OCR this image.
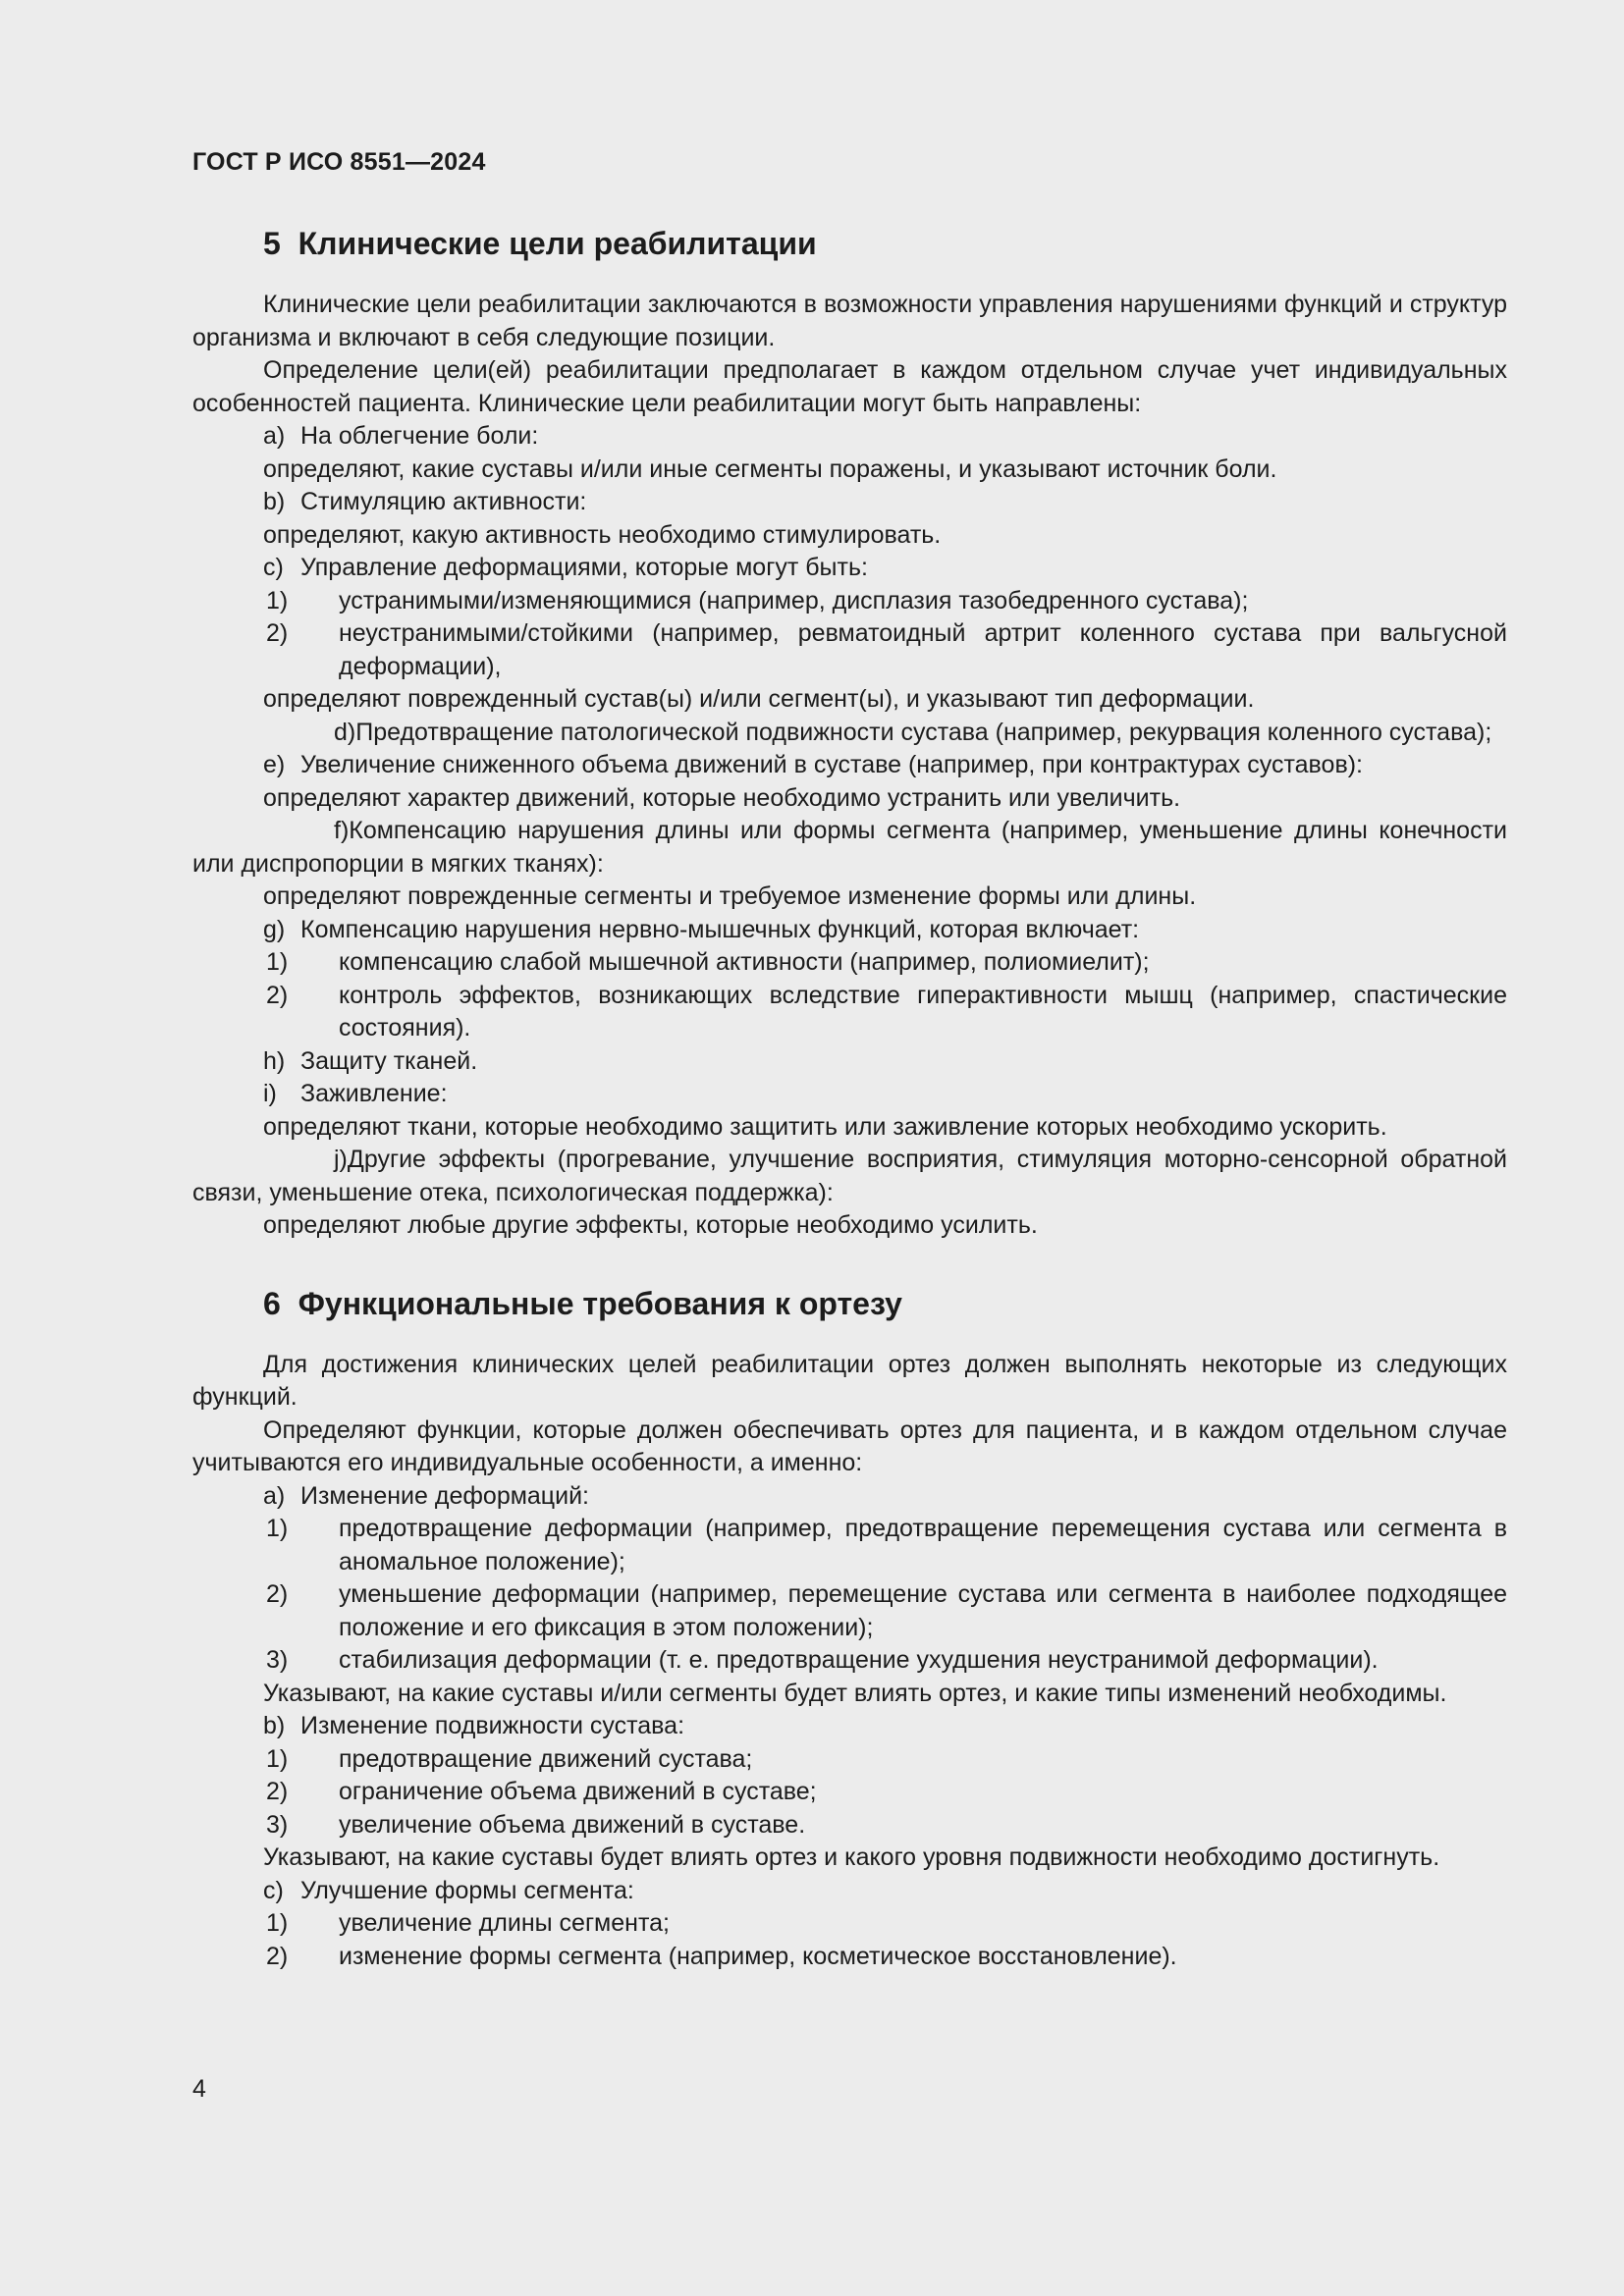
ГОСТ Р ИСО 8551—2024
5 Клинические цели реабилитации

Клинические цели реабилитации заключаются в возможности управления нарушениями функций и структур организма и включают в себя следующие позиции.

Определение цели(ей) реабилитации предполагает в каждом отдельном случае учет индивидуальных особенностей пациента. Клинические цели реабилитации могут быть направлены:

a) На облегчение боли:

определяют, какие суставы и/или иные сегменты поражены, и указывают источник боли.

b) Стимуляцию активности:

определяют, какую активность необходимо стимулировать.

c) Управление деформациями, которые могут быть:

1) устранимыми/изменяющимися (например, дисплазия тазобедренного сустава);

2) неустранимыми/стойкими (например, ревматоидный артрит коленного сустава при вальгусной деформации),

определяют поврежденный сустав(ы) и/или сегмент(ы), и указывают тип деформации.

d)Предотвращение патологической подвижности сустава (например, рекурвация коленного сустава);

e) Увеличение сниженного объема движений в суставе (например, при контрактурах суставов):

определяют характер движений, которые необходимо устранить или увеличить.

f)Компенсацию нарушения длины или формы сегмента (например, уменьшение длины конечности или диспропорции в мягких тканях):

определяют поврежденные сегменты и требуемое изменение формы или длины.

g) Компенсацию нарушения нервно-мышечных функций, которая включает:

1) компенсацию слабой мышечной активности (например, полиомиелит);

2) контроль эффектов, возникающих вследствие гиперактивности мышц (например, спастические состояния).

h) Защиту тканей.

i) Заживление:

определяют ткани, которые необходимо защитить или заживление которых необходимо ускорить.

j)Другие эффекты (прогревание, улучшение восприятия, стимуляция моторно-сенсорной обратной связи, уменьшение отека, психологическая поддержка):

определяют любые другие эффекты, которые необходимо усилить.

6 Функциональные требования к ортезу

Для достижения клинических целей реабилитации ортез должен выполнять некоторые из следующих функций.

Определяют функции, которые должен обеспечивать ортез для пациента, и в каждом отдельном случае учитываются его индивидуальные особенности, а именно:

a) Изменение деформаций:

1) предотвращение деформации (например, предотвращение перемещения сустава или сегмента в аномальное положение);

2) уменьшение деформации (например, перемещение сустава или сегмента в наиболее подходящее положение и его фиксация в этом положении);

3) стабилизация деформации (т. е. предотвращение ухудшения неустранимой деформации).

Указывают, на какие суставы и/или сегменты будет влиять ортез, и какие типы изменений необходимы.

b) Изменение подвижности сустава:

1) предотвращение движений сустава;

2) ограничение объема движений в суставе;

3) увеличение объема движений в суставе.

Указывают, на какие суставы будет влиять ортез и какого уровня подвижности необходимо достигнуть.

c) Улучшение формы сегмента:

1) увеличение длины сегмента;

2) изменение формы сегмента (например, косметическое восстановление).

4
